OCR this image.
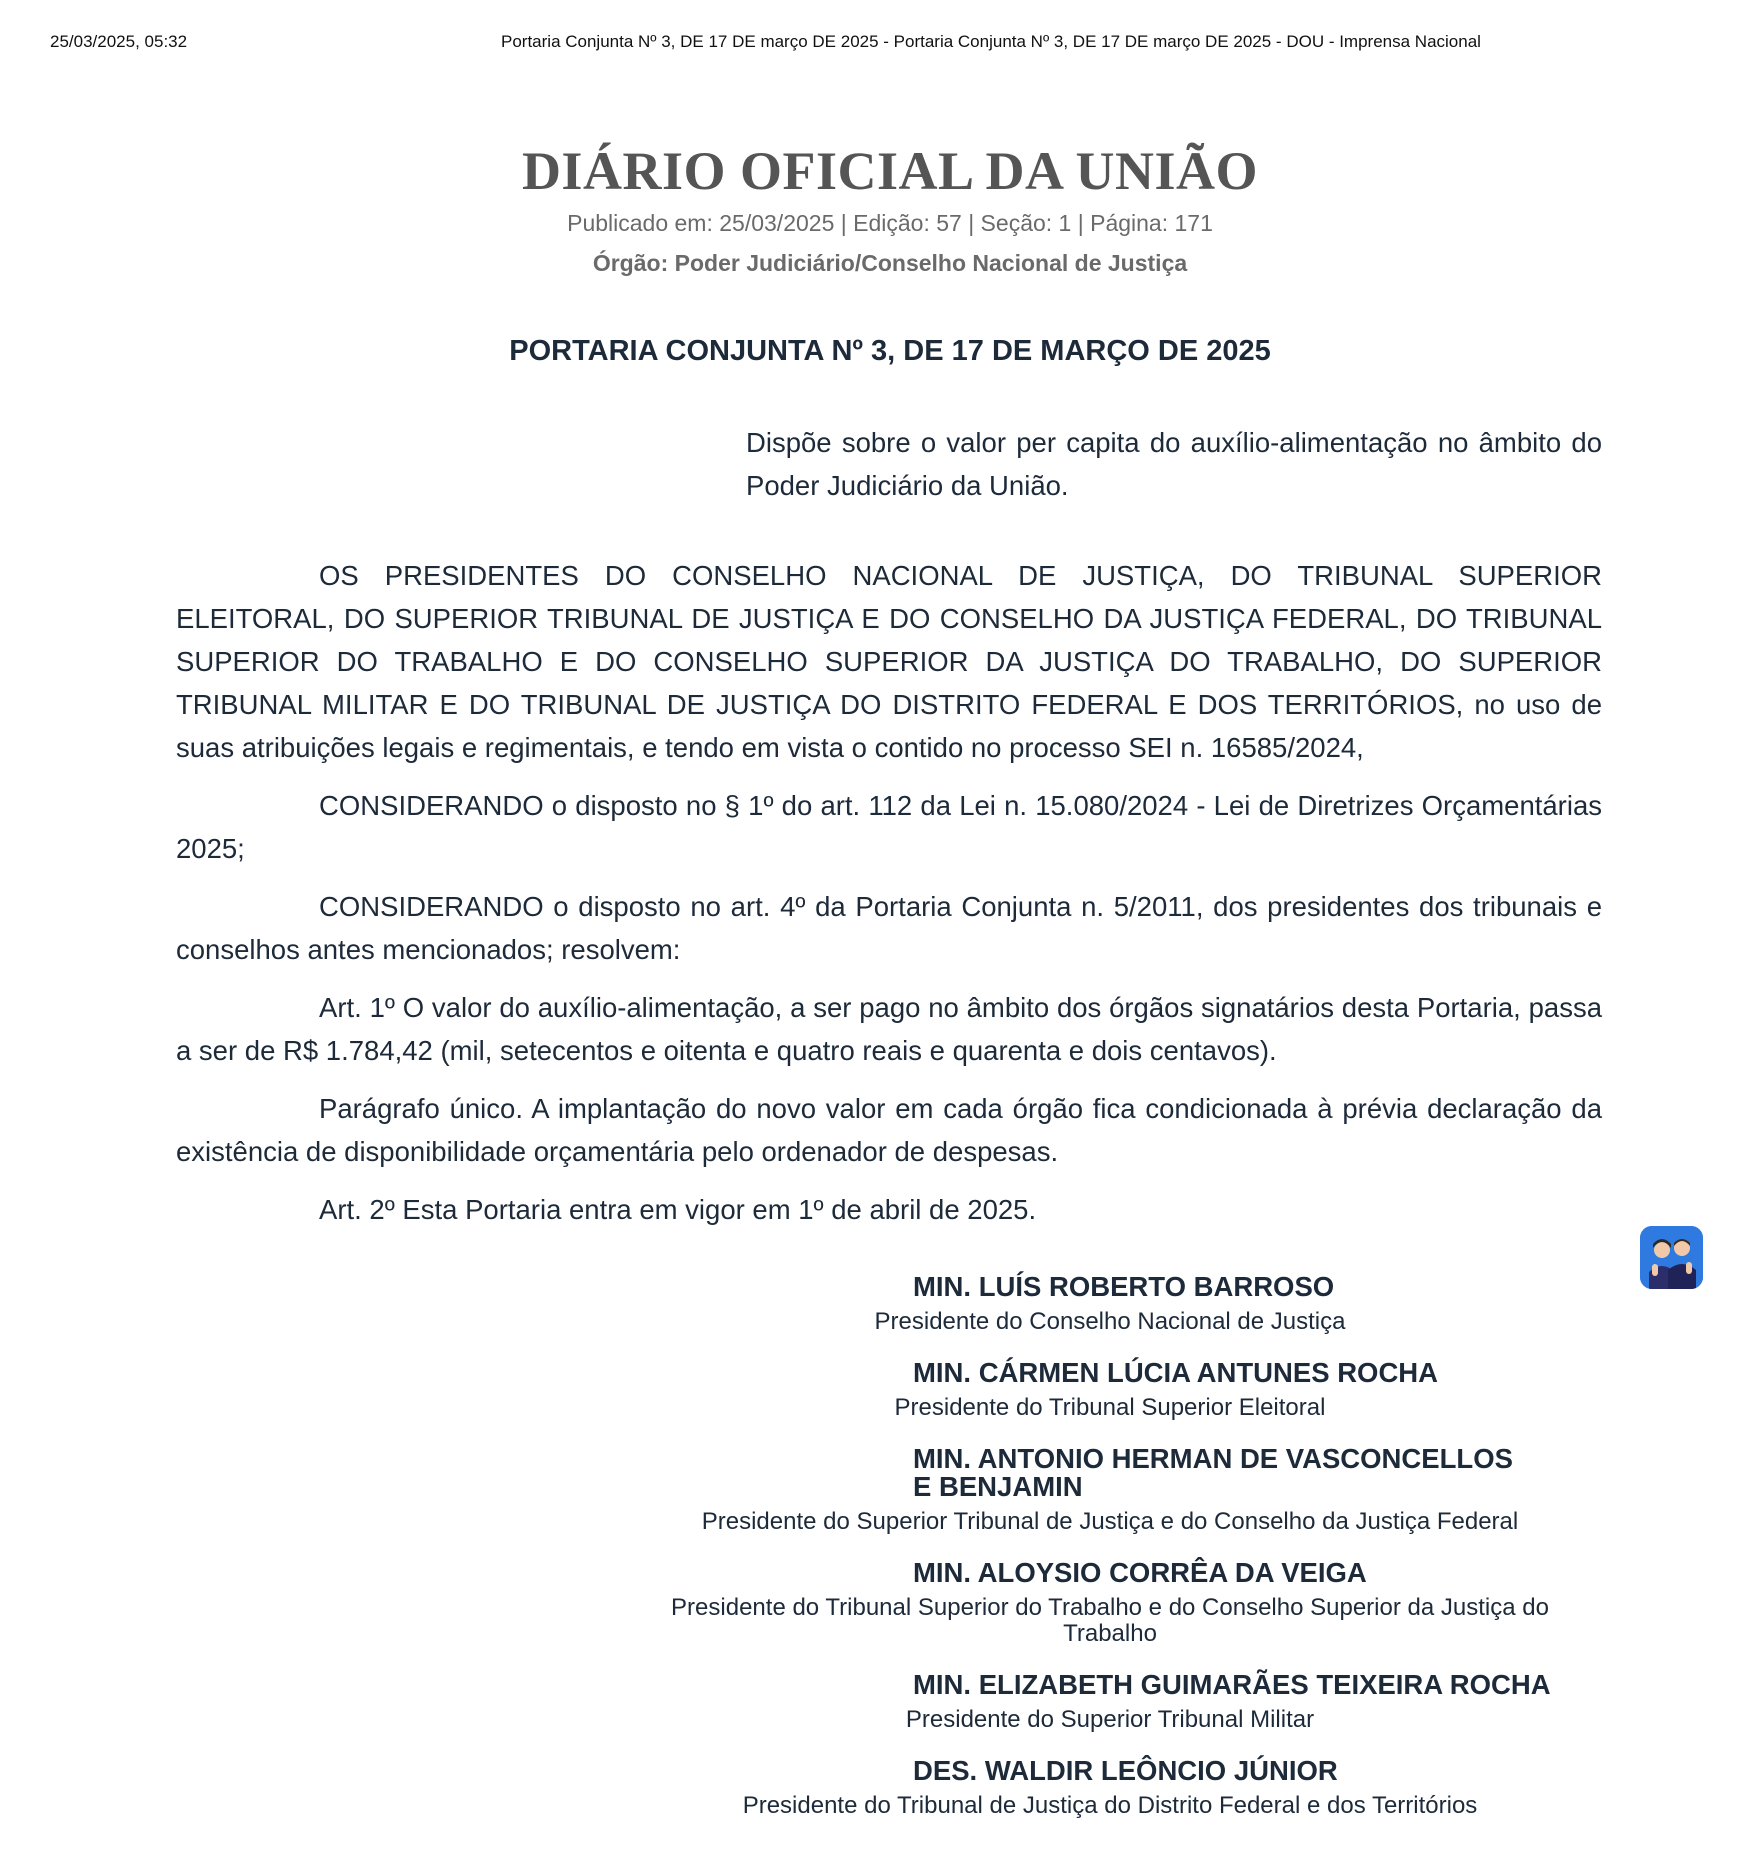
25/03/2025, 05:32	Portaria Conjunta Nº 3, DE 17 DE março DE 2025 - Portaria Conjunta Nº 3, DE 17 DE março DE 2025 - DOU - Imprensa Nacional
DIÁRIO OFICIAL DA UNIÃO
Publicado em: 25/03/2025 | Edição: 57 | Seção: 1 | Página: 171
Órgão: Poder Judiciário/Conselho Nacional de Justiça
PORTARIA CONJUNTA Nº 3, DE 17 DE MARÇO DE 2025
Dispõe sobre o valor per capita do auxílio-alimentação no âmbito do Poder Judiciário da União.

OS PRESIDENTES DO CONSELHO NACIONAL DE JUSTIÇA, DO TRIBUNAL SUPERIOR ELEITORAL, DO SUPERIOR TRIBUNAL DE JUSTIÇA E DO CONSELHO DA JUSTIÇA FEDERAL, DO TRIBUNAL SUPERIOR DO TRABALHO E DO CONSELHO SUPERIOR DA JUSTIÇA DO TRABALHO, DO SUPERIOR TRIBUNAL MILITAR E DO TRIBUNAL DE JUSTIÇA DO DISTRITO FEDERAL E DOS TERRITÓRIOS, no uso de suas atribuições legais e regimentais, e tendo em vista o contido no processo SEI n. 16585/2024,

CONSIDERANDO o disposto no § 1º do art. 112 da Lei n. 15.080/2024 - Lei de Diretrizes Orçamentárias 2025;

CONSIDERANDO o disposto no art. 4º da Portaria Conjunta n. 5/2011, dos presidentes dos tribunais e conselhos antes mencionados; resolvem:

Art. 1º O valor do auxílio-alimentação, a ser pago no âmbito dos órgãos signatários desta Portaria, passa a ser de R$ 1.784,42 (mil, setecentos e oitenta e quatro reais e quarenta e dois centavos).

Parágrafo único. A implantação do novo valor em cada órgão fica condicionada à prévia declaração da existência de disponibilidade orçamentária pelo ordenador de despesas.

Art. 2º Esta Portaria entra em vigor em 1º de abril de 2025.

MIN. LUÍS ROBERTO BARROSO
Presidente do Conselho Nacional de Justiça
MIN. CÁRMEN LÚCIA ANTUNES ROCHA
Presidente do Tribunal Superior Eleitoral
MIN. ANTONIO HERMAN DE VASCONCELLOS E BENJAMIN
Presidente do Superior Tribunal de Justiça e do Conselho da Justiça Federal
MIN. ALOYSIO CORRÊA DA VEIGA
Presidente do Tribunal Superior do Trabalho e do Conselho Superior da Justiça do Trabalho
MIN. ELIZABETH GUIMARÃES TEIXEIRA ROCHA
Presidente do Superior Tribunal Militar
DES. WALDIR LEÔNCIO JÚNIOR
Presidente do Tribunal de Justiça do Distrito Federal e dos Territórios
